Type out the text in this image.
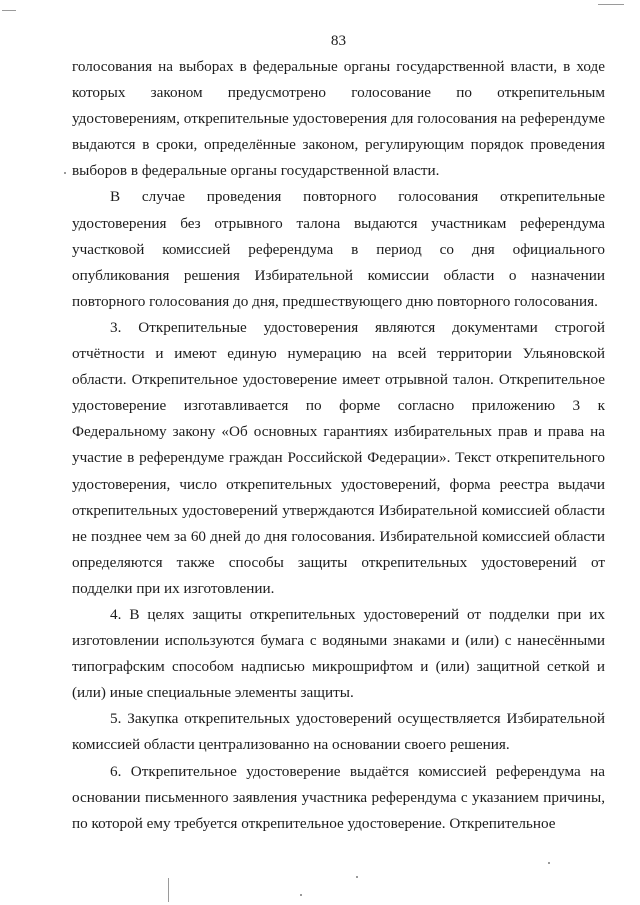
83

голосования на выборах в федеральные органы государственной власти, в ходе которых законом предусмотрено голосование по открепительным удостоверениям, открепительные удостоверения для голосования на референдуме выдаются в сроки, определённые законом, регулирующим порядок проведения выборов в федеральные органы государственной власти.

В случае проведения повторного голосования открепительные удостоверения без отрывного талона выдаются участникам референдума участковой комиссией референдума в период со дня официального опубликования решения Избирательной комиссии области о назначении повторного голосования до дня, предшествующего дню повторного голосования.

3. Открепительные удостоверения являются документами строгой отчётности и имеют единую нумерацию на всей территории Ульяновской области. Открепительное удостоверение имеет отрывной талон. Открепительное удостоверение изготавливается по форме согласно приложению 3 к Федеральному закону «Об основных гарантиях избирательных прав и права на участие в референдуме граждан Российской Федерации». Текст открепительного удостоверения, число открепительных удостоверений, форма реестра выдачи открепительных удостоверений утверждаются Избирательной комиссией области не позднее чем за 60 дней до дня голосования. Избирательной комиссией области определяются также способы защиты открепительных удостоверений от подделки при их изготовлении.

4. В целях защиты открепительных удостоверений от подделки при их изготовлении используются бумага с водяными знаками и (или) с нанесёнными типографским способом надписью микрошрифтом и (или) защитной сеткой и (или) иные специальные элементы защиты.

5. Закупка открепительных удостоверений осуществляется Избирательной комиссией области централизованно на основании своего решения.

6. Открепительное удостоверение выдаётся комиссией референдума на основании письменного заявления участника референдума с указанием причины, по которой ему требуется открепительное удостоверение. Открепительное
